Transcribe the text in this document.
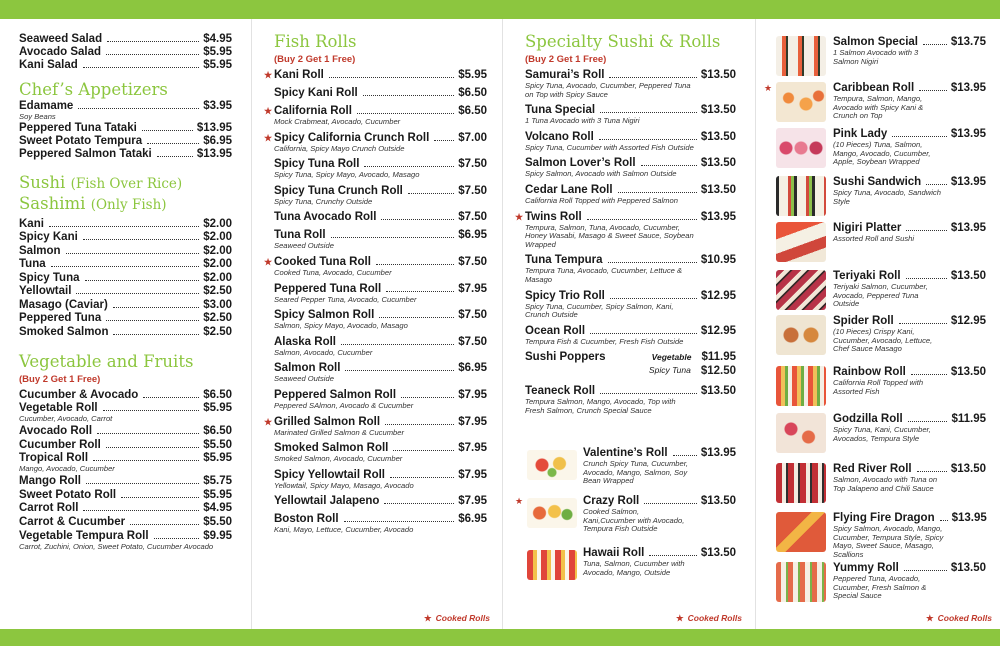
Seaweed Salad	$4.95
Avocado Salad	$5.95
Kani Salad	$5.95
Chef’s Appetizers
Edamame	$3.95
Soy Beans
Peppered Tuna Tataki	$13.95
Sweet Potato Tempura	$6.95
Peppered Salmon Tataki	$13.95
Sushi (Fish Over Rice)
Sashimi (Only Fish)
Kani	$2.00
Spicy Kani	$2.00
Salmon	$2.00
Tuna	$2.00
Spicy Tuna	$2.00
Yellowtail	$2.50
Masago (Caviar)	$3.00
Peppered Tuna	$2.50
Smoked Salmon	$2.50
Vegetable and Fruits
(Buy 2 Get 1 Free)
Cucumber & Avocado	$6.50
Vegetable Roll	$5.95
Cucumber, Avocado, Carrot
Avocado Roll	$6.50
Cucumber Roll	$5.50
Tropical Roll	$5.95
Mango, Avocado, Cucumber
Mango Roll	$5.75
Sweet Potato Roll	$5.95
Carrot Roll	$4.95
Carrot & Cucumber	$5.50
Vegetable Tempura Roll	$9.95
Carrot, Zuchini, Onion, Sweet Potato, Cucumber Avocado
Fish Rolls
(Buy 2 Get 1 Free)
★ Kani Roll	$5.95
Spicy Kani Roll	$6.50
★ California Roll	$6.50
Mock Crabmeat, Avocado, Cucumber
★ Spicy California Crunch Roll	$7.00
California, Spicy Mayo Crunch Outside
Spicy Tuna Roll	$7.50
Spicy Tuna, Spicy Mayo, Avocado, Masago
Spicy Tuna Crunch Roll	$7.50
Spicy Tuna, Crunchy Outside
Tuna Avocado Roll	$7.50
Tuna Roll	$6.95
Seaweed Outside
★ Cooked Tuna Roll	$7.50
Cooked Tuna, Avocado, Cucumber
Peppered Tuna Roll	$7.95
Seared Pepper Tuna, Avocado, Cucumber
Spicy Salmon Roll	$7.50
Salmon, Spicy Mayo, Avocado, Masago
Alaska Roll	$7.50
Salmon, Avocado, Cucumber
Salmon Roll	$6.95
Seaweed Outside
Peppered Salmon Roll	$7.95
Peppered SAlmon, Avocado & Cucumber
★ Grilled Salmon Roll	$7.95
Marinated Grilled Salmon & Cucumber
Smoked Salmon Roll	$7.95
Smoked Salmon, Avocado, Cucumber
Spicy Yellowtail Roll	$7.95
Yellowtail, Spicy Mayo, Masago, Avocado
Yellowtail Jalapeno	$7.95
Boston Roll	$6.95
Kani, Mayo, Lettuce, Cucumber, Avocado
★ Cooked Rolls
Specialty Sushi & Rolls
(Buy 2 Get 1 Free)
Samurai’s Roll	$13.50
Spicy Tuna, Avocado, Cucumber, Peppered Tuna on Top with Spicy Sauce
Tuna Special	$13.50
1 Tuna Avocado with 3 Tuna Nigiri
Volcano Roll	$13.50
Spicy Tuna, Cucumber with Assorted Fish Outside
Salmon Lover’s Roll	$13.50
Spicy Salmon, Avocado with Salmon Outside
Cedar Lane Roll	$13.50
California Roll Topped with Peppered Salmon
★ Twins Roll	$13.95
Tempura, Salmon, Tuna, Avocado, Cucumber, Honey Wasabi, Masago & Sweet Sauce, Soybean Wrapped
Tuna Tempura	$10.95
Tempura Tuna, Avocado, Cucumber, Lettuce & Masago
Spicy Trio Roll	$12.95
Spicy Tuna, Cucumber, Spicy Salmon, Kani, Crunch Outside
Ocean Roll	$12.95
Tempura Fish & Cucumber, Fresh Fish Outside
Sushi Poppers	Vegetable $11.95
Spicy Tuna $12.50
Teaneck Roll	$13.50
Tempura Salmon, Mango, Avocado, Top with Fresh Salmon, Crunch Special Sauce
★ Cooked Rolls	★ Cooked Rolls
Valentine’s Roll	$13.95
Crunch Spicy Tuna, Cucumber, Avocado, Mango, Salmon, Soy Bean Wrapped
★	Crazy Roll	$13.50
Cooked Salmon, Kani,Cucumber with Avocado, Tempura Fish Outside
Hawaii Roll	$13.50
Tuna, Salmon, Cucumber with Avocado, Mango, Outside
Salmon Special	$13.75
1 Salmon Avocado with 3 Salmon Nigiri
★	Caribbean Roll	$13.95
Tempura, Salmon, Mango, Avocado with Spicy Kani & Crunch on Top
Pink Lady	$13.95
(10 Pieces) Tuna, Salmon, Mango, Avocado, Cucumber, Apple, Soybean Wrapped
Sushi Sandwich	$13.95
Spicy Tuna, Avocado, Sandwich Style
Nigiri Platter	$13.95
Assorted Roll and Sushi
Teriyaki Roll	$13.50
Teriyaki Salmon, Cucumber, Avocado, Peppered Tuna Outside
Spider Roll	$12.95
(10 Pieces) Crispy Kani, Cucumber, Avocado, Lettuce, Chef Sauce Masago
Rainbow Roll	$13.50
California Roll Topped with Assorted Fish
Godzilla Roll	$11.95
Spicy Tuna, Kani, Cucumber, Avocados, Tempura Style
Red River Roll	$13.50
Salmon, Avocado with Tuna on Top Jalapeno and Chili Sauce
Flying Fire Dragon $13.95
Spicy Salmon, Avocado, Mango, Cucumber, Tempura Style, Spicy Mayo, Sweet Sauce, Masago, Scallions
Yummy Roll	$13.50
Peppered Tuna, Avocado, Cucumber, Fresh Salmon & Special Sauce
